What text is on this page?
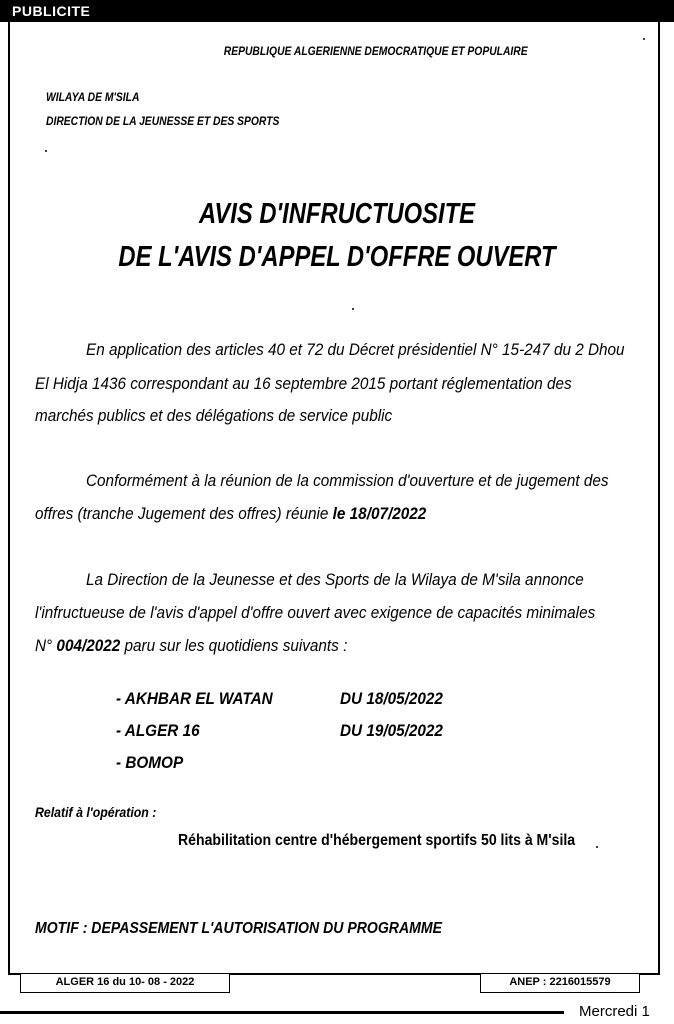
PUBLICITE
REPUBLIQUE ALGERIENNE DEMOCRATIQUE ET POPULAIRE
WILAYA DE M'SILA
DIRECTION DE LA JEUNESSE ET DES SPORTS
AVIS D'INFRUCTUOSITE
DE L'AVIS D'APPEL D'OFFRE OUVERT
En application des articles 40 et 72 du Décret présidentiel N° 15-247 du 2 Dhou
El Hidja 1436 correspondant au 16 septembre 2015 portant réglementation des
marchés publics et des délégations de service public
Conformément à la réunion de la commission d'ouverture et de jugement des
offres (tranche Jugement des offres) réunie le 18/07/2022
La Direction de la Jeunesse et des Sports de la Wilaya de M'sila annonce
l'infructueuse de l'avis d'appel d'offre ouvert avec exigence de capacités minimales
N° 004/2022 paru sur les quotidiens suivants :
- AKHBAR EL WATAN	DU 18/05/2022
- ALGER 16	DU 19/05/2022
- BOMOP
Relatif à l'opération :
Réhabilitation centre d'hébergement sportifs 50 lits à M'sila
MOTIF : DEPASSEMENT L'AUTORISATION DU PROGRAMME
ALGER 16 du 10- 08 - 2022	ANEP : 2216015579
Mercredi 1
